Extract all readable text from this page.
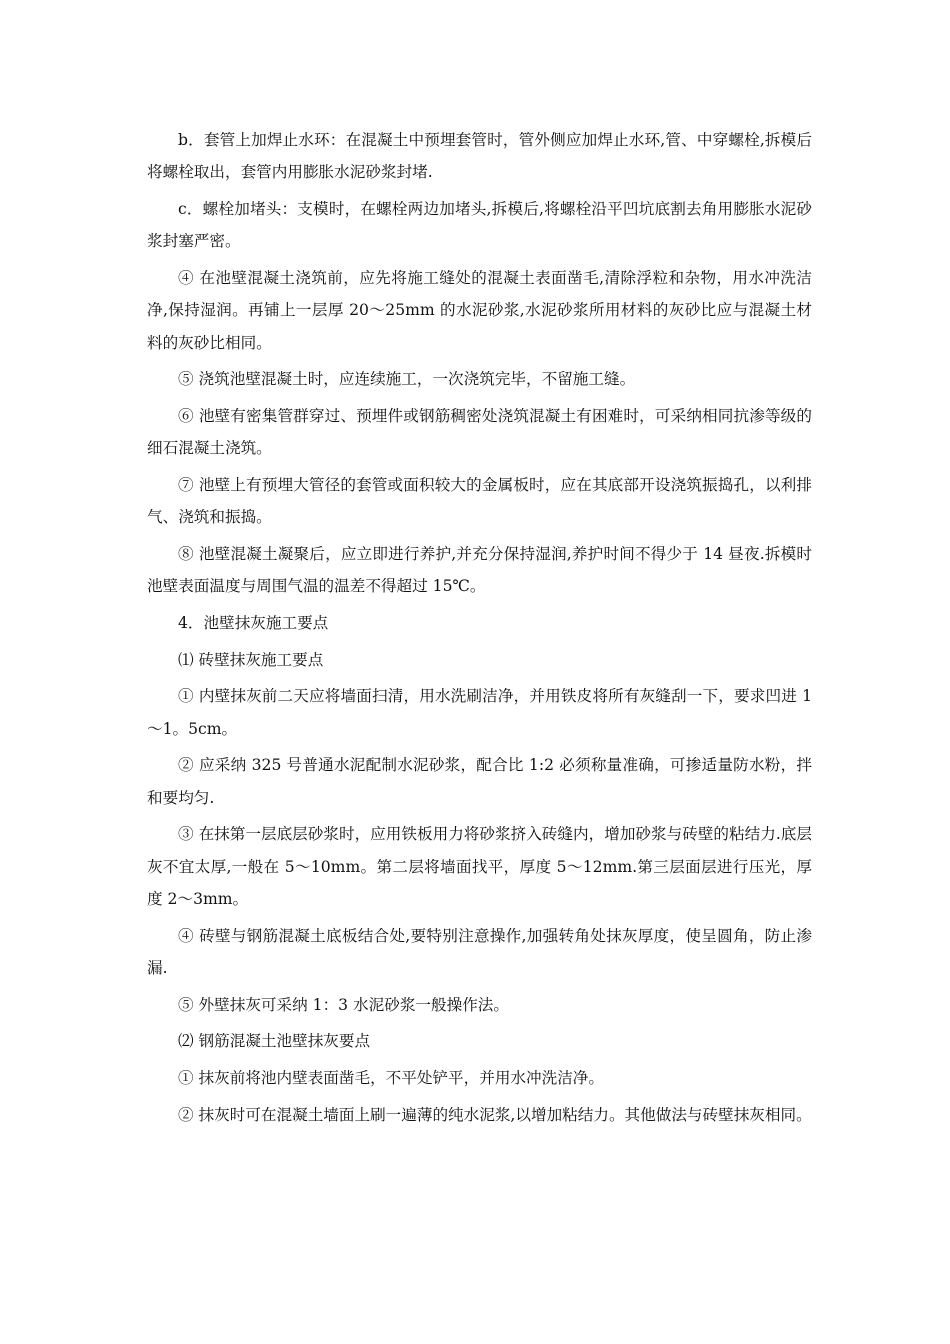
b．套管上加焊止水环：在混凝土中预埋套管时，管外侧应加焊止水环,管、中穿螺栓,拆模后将螺栓取出，套管内用膨胀水泥砂浆封堵.

c．螺栓加堵头：支模时，在螺栓两边加堵头,拆模后,将螺栓沿平凹坑底割去角用膨胀水泥砂浆封塞严密。

④ 在池壁混凝土浇筑前，应先将施工缝处的混凝土表面凿毛,清除浮粒和杂物，用水冲洗洁净,保持湿润。再铺上一层厚 20～25mm 的水泥砂浆,水泥砂浆所用材料的灰砂比应与混凝土材料的灰砂比相同。

⑤ 浇筑池壁混凝土时，应连续施工，一次浇筑完毕，不留施工缝。

⑥ 池壁有密集管群穿过、预埋件或钢筋稠密处浇筑混凝土有困难时，可采纳相同抗渗等级的细石混凝土浇筑。

⑦ 池壁上有预埋大管径的套管或面积较大的金属板时，应在其底部开设浇筑振捣孔，以利排气、浇筑和振捣。

⑧ 池壁混凝土凝聚后，应立即进行养护,并充分保持湿润,养护时间不得少于 14 昼夜.拆模时池壁表面温度与周围气温的温差不得超过 15℃。

4．池壁抹灰施工要点

⑴ 砖壁抹灰施工要点

① 内壁抹灰前二天应将墙面扫清，用水洗刷洁净，并用铁皮将所有灰缝刮一下，要求凹进 1～1。5cm。

② 应采纳 325 号普通水泥配制水泥砂浆，配合比 1:2 必须称量准确，可掺适量防水粉，拌和要均匀.

③ 在抹第一层底层砂浆时，应用铁板用力将砂浆挤入砖缝内，增加砂浆与砖壁的粘结力.底层灰不宜太厚,一般在 5～10mm。第二层将墙面找平，厚度 5～12mm.第三层面层进行压光，厚度 2～3mm。

④ 砖壁与钢筋混凝土底板结合处,要特别注意操作,加强转角处抹灰厚度，使呈圆角，防止渗漏.

⑤ 外壁抹灰可采纳 1：3 水泥砂浆一般操作法。

⑵ 钢筋混凝土池壁抹灰要点

① 抹灰前将池内壁表面凿毛，不平处铲平，并用水冲洗洁净。

② 抹灰时可在混凝土墙面上刷一遍薄的纯水泥浆,以增加粘结力。其他做法与砖壁抹灰相同。
